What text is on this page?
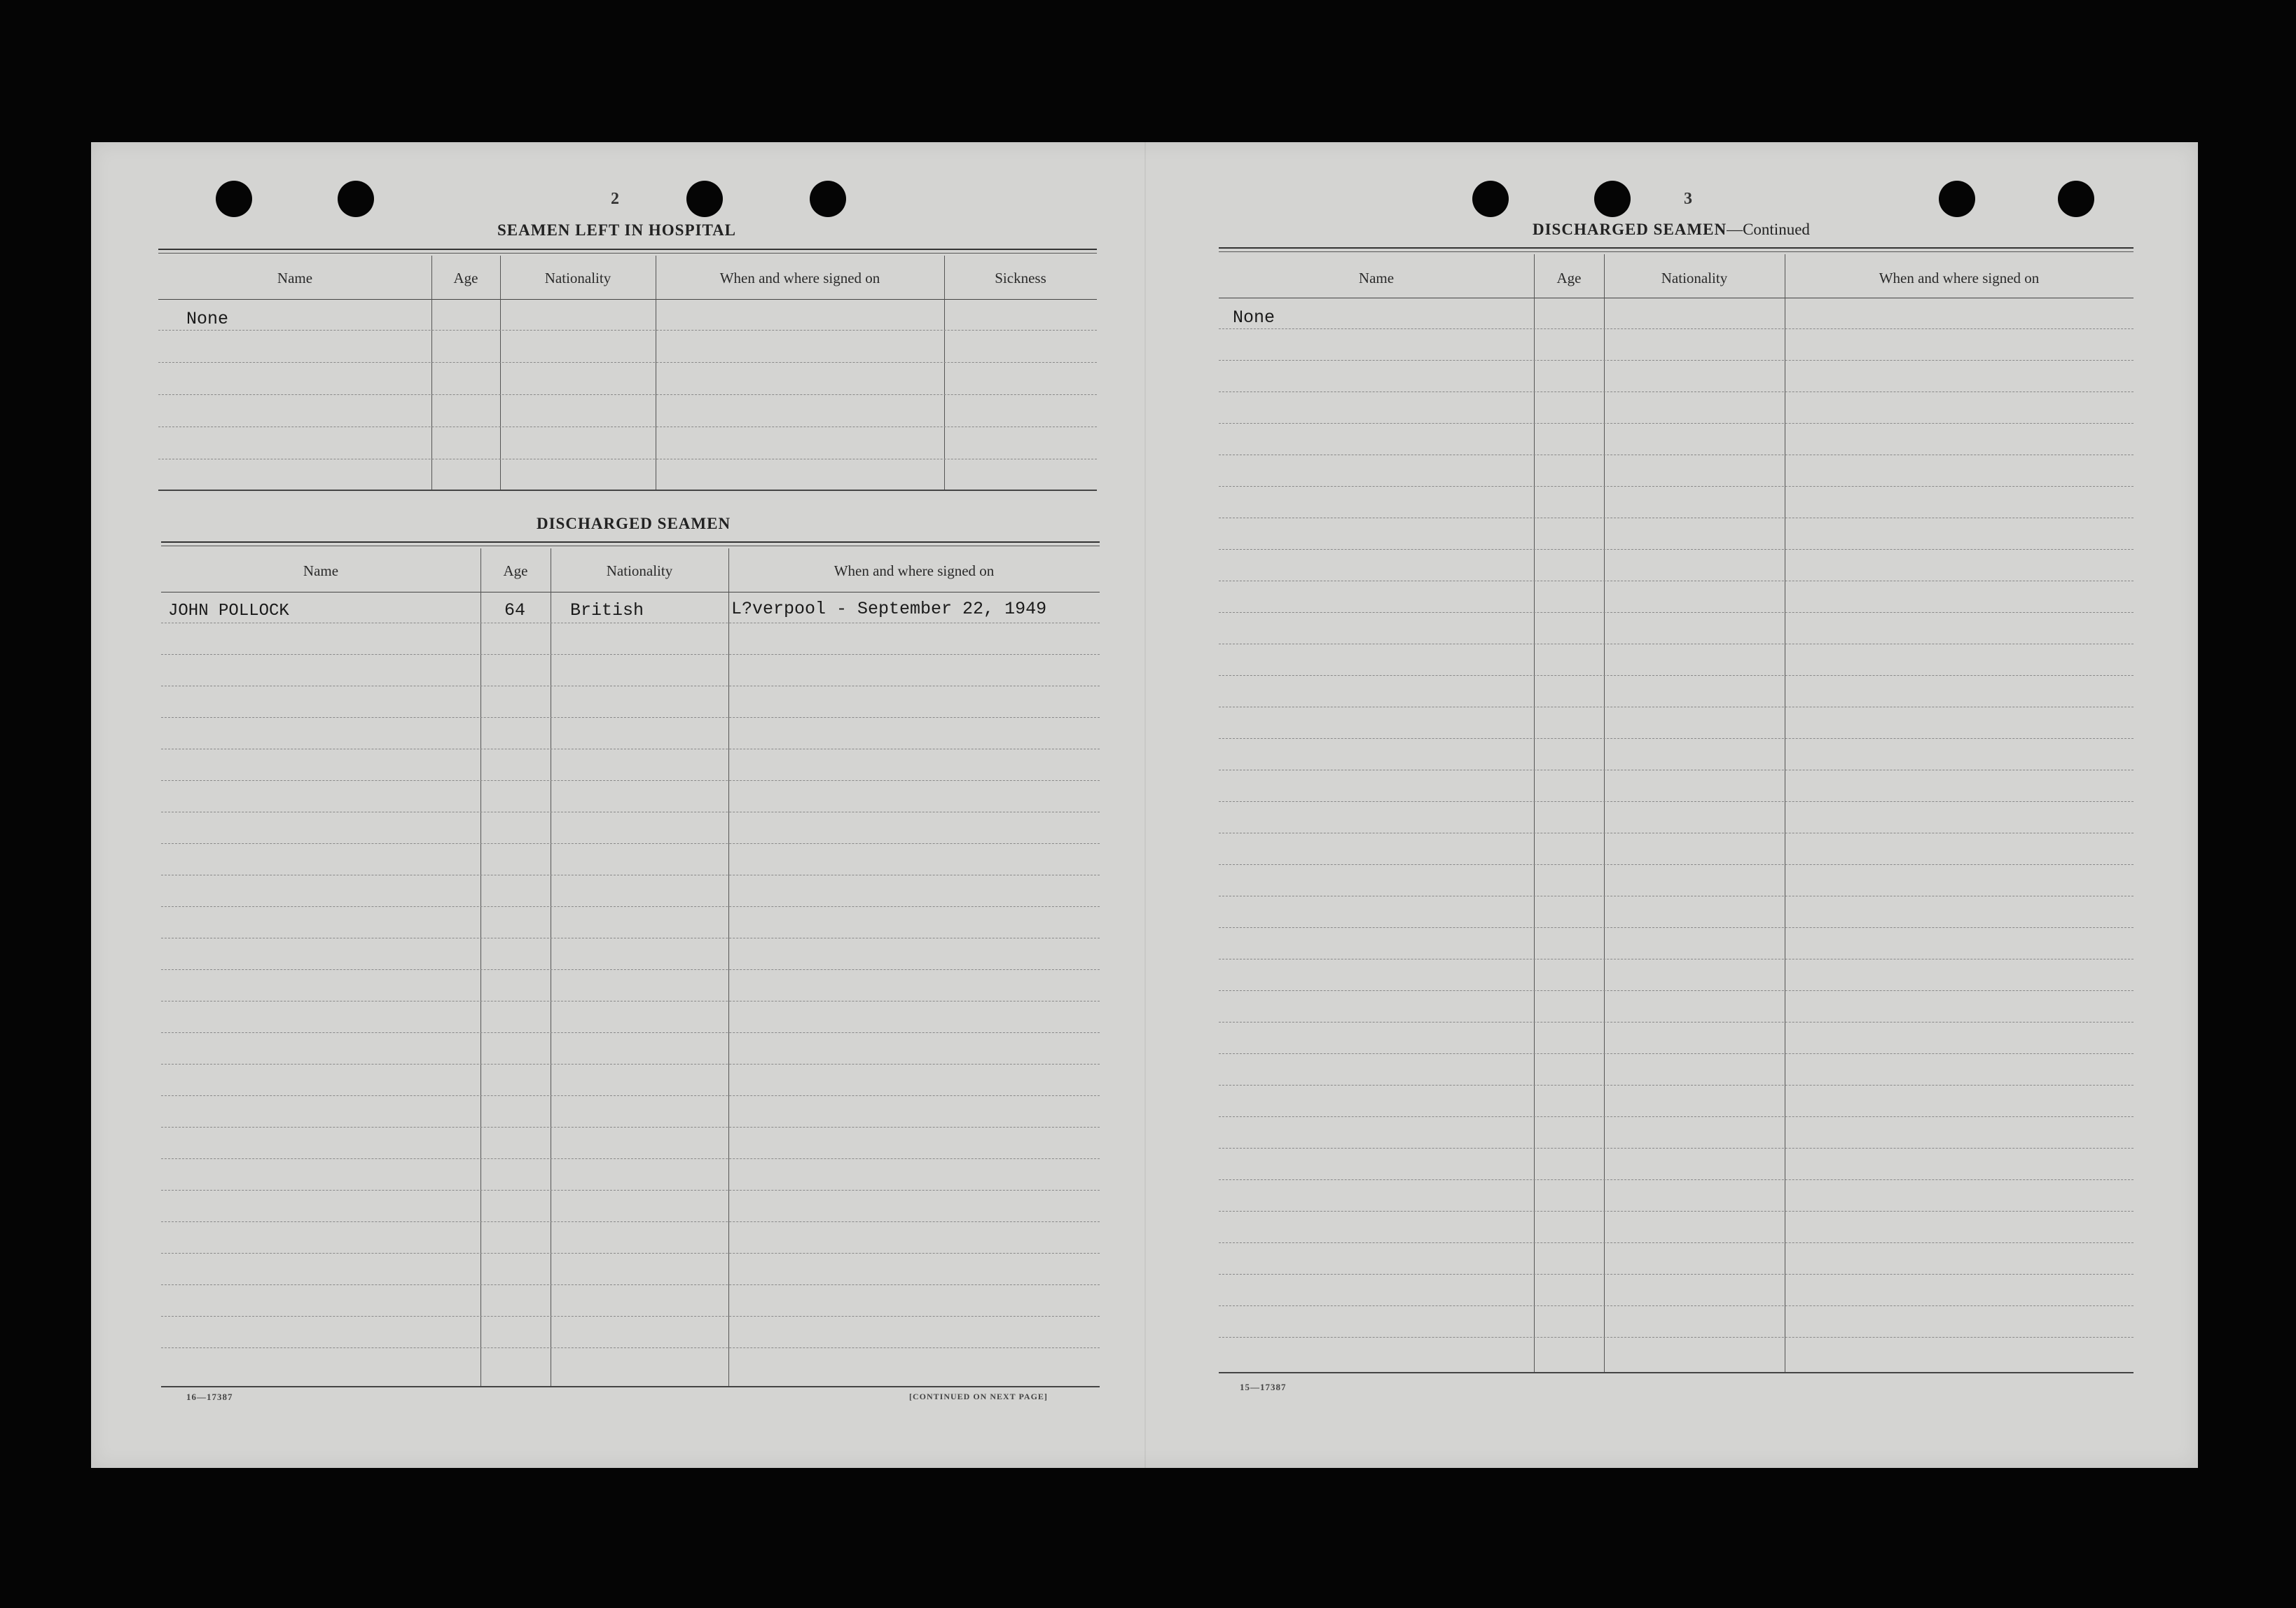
2
SEAMEN LEFT IN HOSPITAL
Name	Age	Nationality	When and where signed on	Sickness
None
DISCHARGED SEAMEN
Name	Age	Nationality	When and where signed on
JOHN POLLOCK	64	British	L?verpool - September 22, 1949
16—17387	[CONTINUED ON NEXT PAGE]
3
DISCHARGED SEAMEN—Continued
Name	Age	Nationality	When and where signed on
None
15—17387
